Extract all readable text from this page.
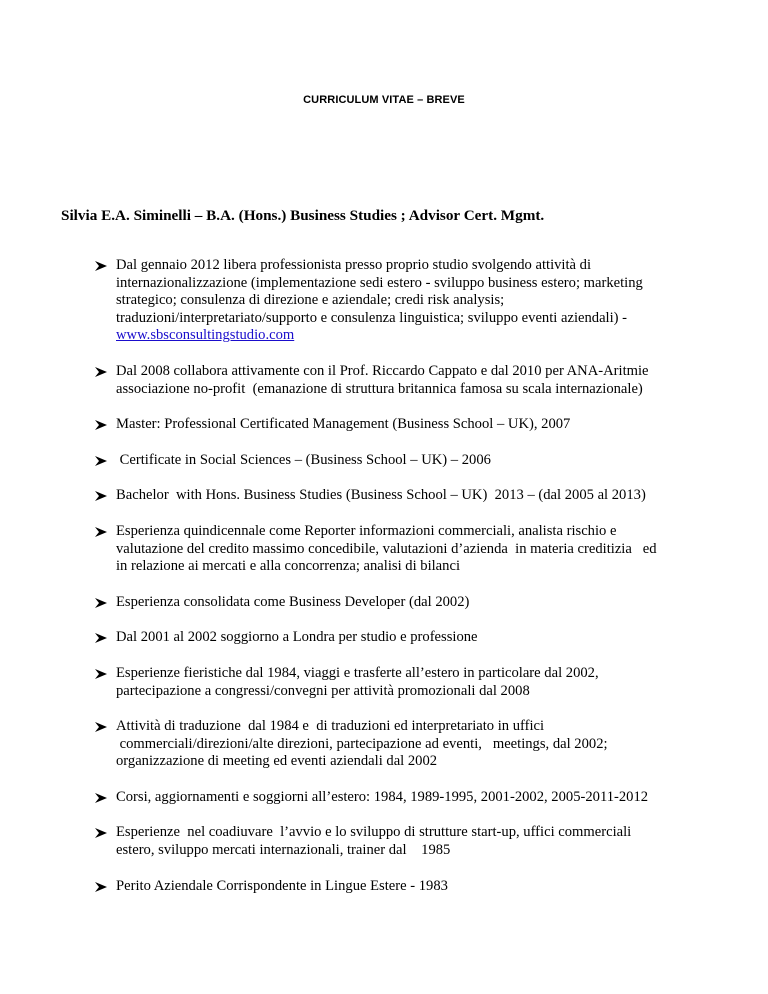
CURRICULUM VITAE – BREVE
Silvia E.A. Siminelli – B.A. (Hons.) Business Studies ; Advisor Cert. Mgmt.
Dal gennaio 2012 libera professionista presso proprio studio svolgendo attività di
internazionalizzazione (implementazione sedi estero - sviluppo business estero; marketing
strategico; consulenza di direzione e aziendale; credi risk analysis;
traduzioni/interpretariato/supporto e consulenza linguistica; sviluppo eventi aziendali) -
www.sbsconsultingstudio.com
Dal 2008 collabora attivamente con il Prof. Riccardo Cappato e dal 2010 per ANA-Aritmie
associazione no-profit  (emanazione di struttura britannica famosa su scala internazionale)
Master: Professional Certificated Management (Business School – UK), 2007
Certificate in Social Sciences – (Business School – UK) – 2006
Bachelor  with Hons. Business Studies (Business School – UK)  2013 – (dal 2005 al 2013)
Esperienza quindicennale come Reporter informazioni commerciali, analista rischio e
valutazione del credito massimo concedibile, valutazioni d’azienda  in materia creditizia   ed
in relazione ai mercati e alla concorrenza; analisi di bilanci
Esperienza consolidata come Business Developer (dal 2002)
Dal 2001 al 2002 soggiorno a Londra per studio e professione
Esperienze fieristiche dal 1984, viaggi e trasferte all’estero in particolare dal 2002,
partecipazione a congressi/convegni per attività promozionali dal 2008
Attività di traduzione  dal 1984 e  di traduzioni ed interpretariato in uffici
commerciali/direzioni/alte direzioni, partecipazione ad eventi,   meetings, dal 2002;
organizzazione di meeting ed eventi aziendali dal 2002
Corsi, aggiornamenti e soggiorni all’estero: 1984, 1989-1995, 2001-2002, 2005-2011-2012
Esperienze  nel coadiuvare  l’avvio e lo sviluppo di strutture start-up, uffici commerciali
estero, sviluppo mercati internazionali, trainer dal    1985
Perito Aziendale Corrispondente in Lingue Estere - 1983
